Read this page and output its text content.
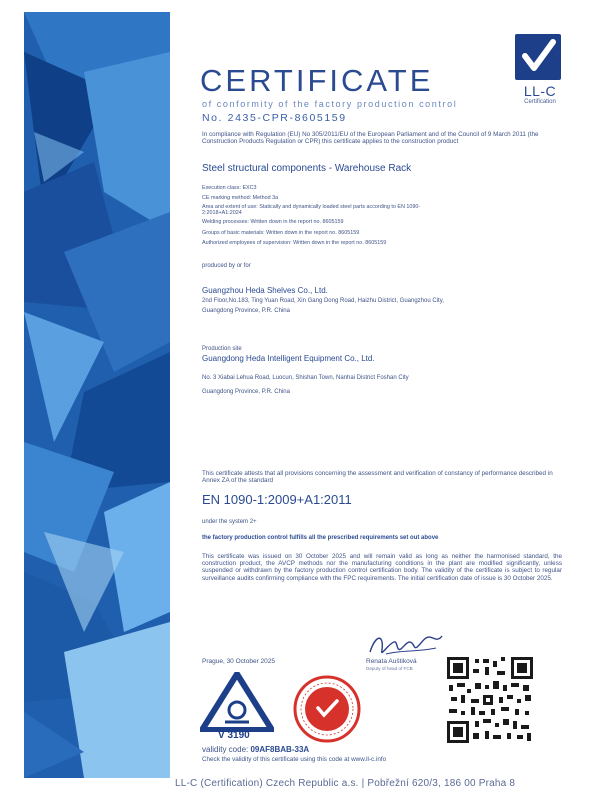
LL-C
Certification
CERTIFICATE
of conformity of the factory production control
No. 2435-CPR-8605159
In compliance with Regulation (EU) No 305/2011/EU of the European Parliament and of the Council of 9 March 2011 (the Construction Products Regulation or CPR) this certificate applies to the construction product
Steel structural components - Warehouse Rack
Execution class: EXC3
CE marking method: Method 3a
Area and extent of use: Statically and dynamically loaded steel parts according to EN 1090-
2:2018+A1:2024
Welding processes: Written down in the report no. 8605159
Groups of basic materials: Written down in the report no. 8605159
Authorized employees of supervision: Written down in the report no. 8605159
produced by or for
Guangzhou Heda Shelves Co., Ltd.
2nd Floor,No.183, Ting Yuan Road, Xin Gang Dong Road, Haizhu District, Guangzhou City,
Guangdong Province, P.R. China
Production site
Guangdong Heda Intelligent Equipment Co., Ltd.
No. 3 Xiabai Lehua Road, Luocun, Shishan Town, Nanhai District Foshan City
Guangdong Province, P.R. China
This certificate attests that all provisions concerning the assessment and verification of constancy of performance described in Annex ZA of the standard
EN 1090-1:2009+A1:2011
under the system 2+
the factory production control fulfills all the prescribed requirements set out above
This certificate was issued on 30 October 2025 and will remain valid as long as neither the harmonised standard, the construction product, the AVCP methods nor the manufacturing conditions in the plant are modified significantly, unless suspended or withdrawn by the factory production control certification body. The validity of the certificate is subject to regular surveillance audits confirming compliance with the FPC requirements. The initial certification date of issue is 30 October 2025.
Prague, 30 October 2025	Renata Auštiková
Deputy of head of FCB
V 3190
validity code: 09AF8BAB-33A
Check the validity of this certificate using this code at www.ll-c.info
LL-C (Certification) Czech Republic a.s. | Pobřežní 620/3, 186 00 Praha 8
